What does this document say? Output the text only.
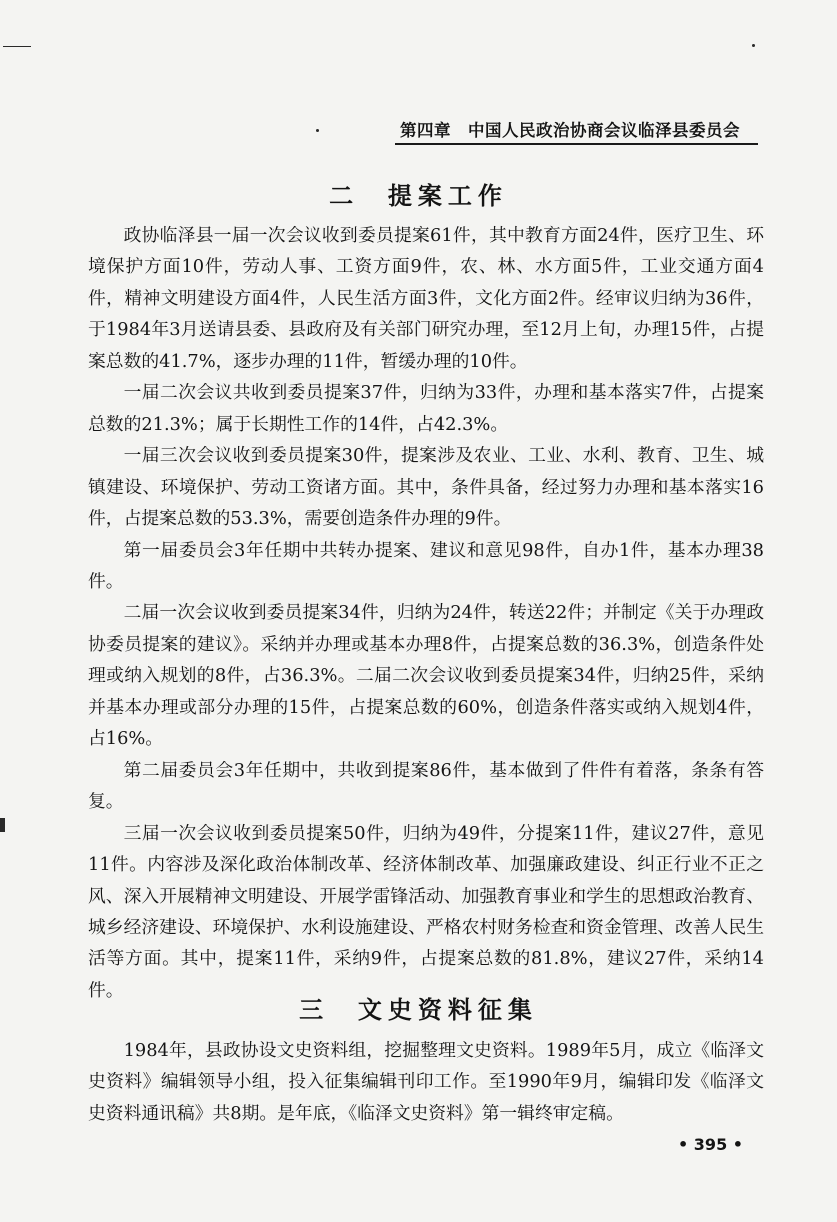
第四章　中国人民政治协商会议临泽县委员会
二  提案工作

政协临泽县一届一次会议收到委员提案61件，其中教育方面24件，医疗卫生、环境保护方面10件，劳动人事、工资方面9件，农、林、水方面5件，工业交通方面4件，精神文明建设方面4件，人民生活方面3件，文化方面2件。经审议归纳为36件，于1984年3月送请县委、县政府及有关部门研究办理，至12月上旬，办理15件，占提案总数的41.7%，逐步办理的11件，暂缓办理的10件。

一届二次会议共收到委员提案37件，归纳为33件，办理和基本落实7件，占提案总数的21.3%；属于长期性工作的14件，占42.3%。

一届三次会议收到委员提案30件，提案涉及农业、工业、水利、教育、卫生、城镇建设、环境保护、劳动工资诸方面。其中，条件具备，经过努力办理和基本落实16件，占提案总数的53.3%，需要创造条件办理的9件。

第一届委员会3年任期中共转办提案、建议和意见98件，自办1件，基本办理38件。

二届一次会议收到委员提案34件，归纳为24件，转送22件；并制定《关于办理政协委员提案的建议》。采纳并办理或基本办理8件，占提案总数的36.3%，创造条件处理或纳入规划的8件，占36.3%。二届二次会议收到委员提案34件，归纳25件，采纳并基本办理或部分办理的15件，占提案总数的60%，创造条件落实或纳入规划4件，占16%。

第二届委员会3年任期中，共收到提案86件，基本做到了件件有着落，条条有答复。

三届一次会议收到委员提案50件，归纳为49件，分提案11件，建议27件，意见11件。内容涉及深化政治体制改革、经济体制改革、加强廉政建设、纠正行业不正之风、深入开展精神文明建设、开展学雷锋活动、加强教育事业和学生的思想政治教育、城乡经济建设、环境保护、水利设施建设、严格农村财务检查和资金管理、改善人民生活等方面。其中，提案11件，采纳9件，占提案总数的81.8%，建议27件，采纳14件。

三  文史资料征集

1984年，县政协设文史资料组，挖掘整理文史资料。1989年5月，成立《临泽文史资料》编辑领导小组，投入征集编辑刊印工作。至1990年9月，编辑印发《临泽文史资料通讯稿》共8期。是年底，《临泽文史资料》第一辑终审定稿。

• 395 •
